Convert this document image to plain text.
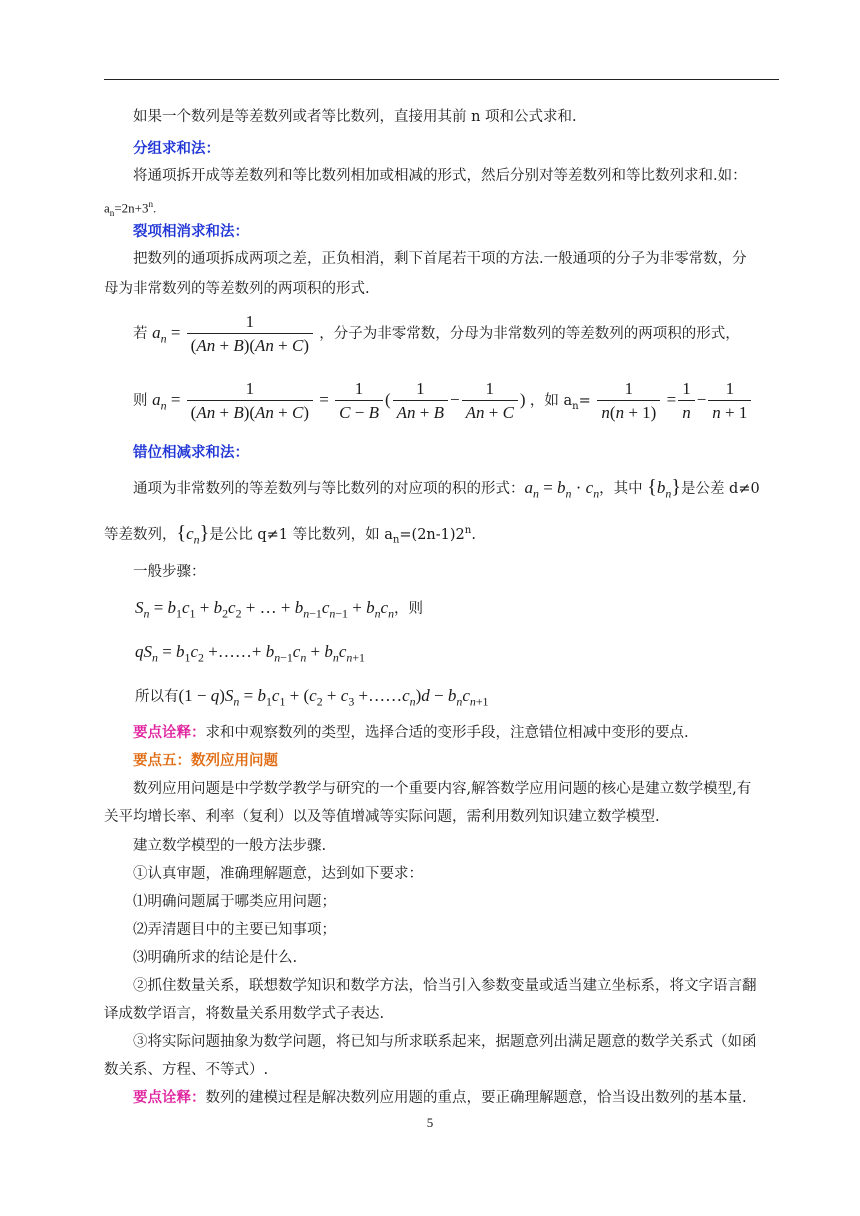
如果一个数列是等差数列或者等比数列，直接用其前 n 项和公式求和.
分组求和法：
将通项拆开成等差数列和等比数列相加或相减的形式，然后分别对等差数列和等比数列求和.如：
$a_n=2n+3^n$.
裂项相消求和法：
把数列的通项拆成两项之差，正负相消，剩下首尾若干项的方法.一般通项的分子为非零常数，分
母为非常数列的等差数列的两项积的形式.
若 $a_n = \frac{1}{(An + B)(An + C)}$ ，分子为非零常数，分母为非常数列的等差数列的两项积的形式，
则 $a_n = \frac{1}{(An + B)(An + C)} = \frac{1}{C - B}$ ( $\frac{1}{An + B} - \frac{1}{An + C}$ ) ，如 $a_n= \frac{1}{n(n + 1)} = \frac{1}{n} - \frac{1}{n + 1}$
错位相减求和法：
通项为非常数列的等差数列与等比数列的对应项的积的形式：$a_n = b_n \cdot c_n$，其中 $\{b_n\}$是公差 d≠0
等差数列，$\{c_n\}$是公比 q≠1 等比数列，如 $a_n=(2n-1)2^n$.
一般步骤：
$S_n = b_1c_1 + b_2c_2$ + … + $b_{n-1}c_{n-1} + b_nc_n$，则
$qS_n = b_1c_2$ +……+ $b_{n-1}c_n + b_nc_{n+1}$
所以有$(1 - q)S_n = b_1c_1 + (c_2 + c_3$ $+\dots\dots c_n)d - b_nc_{n+1}$
要点诠释：求和中观察数列的类型，选择合适的变形手段，注意错位相减中变形的要点.
要点五：数列应用问题
数列应用问题是中学数学教学与研究的一个重要内容,解答数学应用问题的核心是建立数学模型,有
关平均增长率、利率（复利）以及等值增减等实际问题，需利用数列知识建立数学模型.
建立数学模型的一般方法步骤.
①认真审题，准确理解题意，达到如下要求：
⑴明确问题属于哪类应用问题；
⑵弄清题目中的主要已知事项；
⑶明确所求的结论是什么.
②抓住数量关系，联想数学知识和数学方法，恰当引入参数变量或适当建立坐标系，将文字语言翻
译成数学语言，将数量关系用数学式子表达.
③将实际问题抽象为数学问题，将已知与所求联系起来，据题意列出满足题意的数学关系式（如函
数关系、方程、不等式）.
要点诠释：数列的建模过程是解决数列应用题的重点，要正确理解题意，恰当设出数列的基本量.
5
